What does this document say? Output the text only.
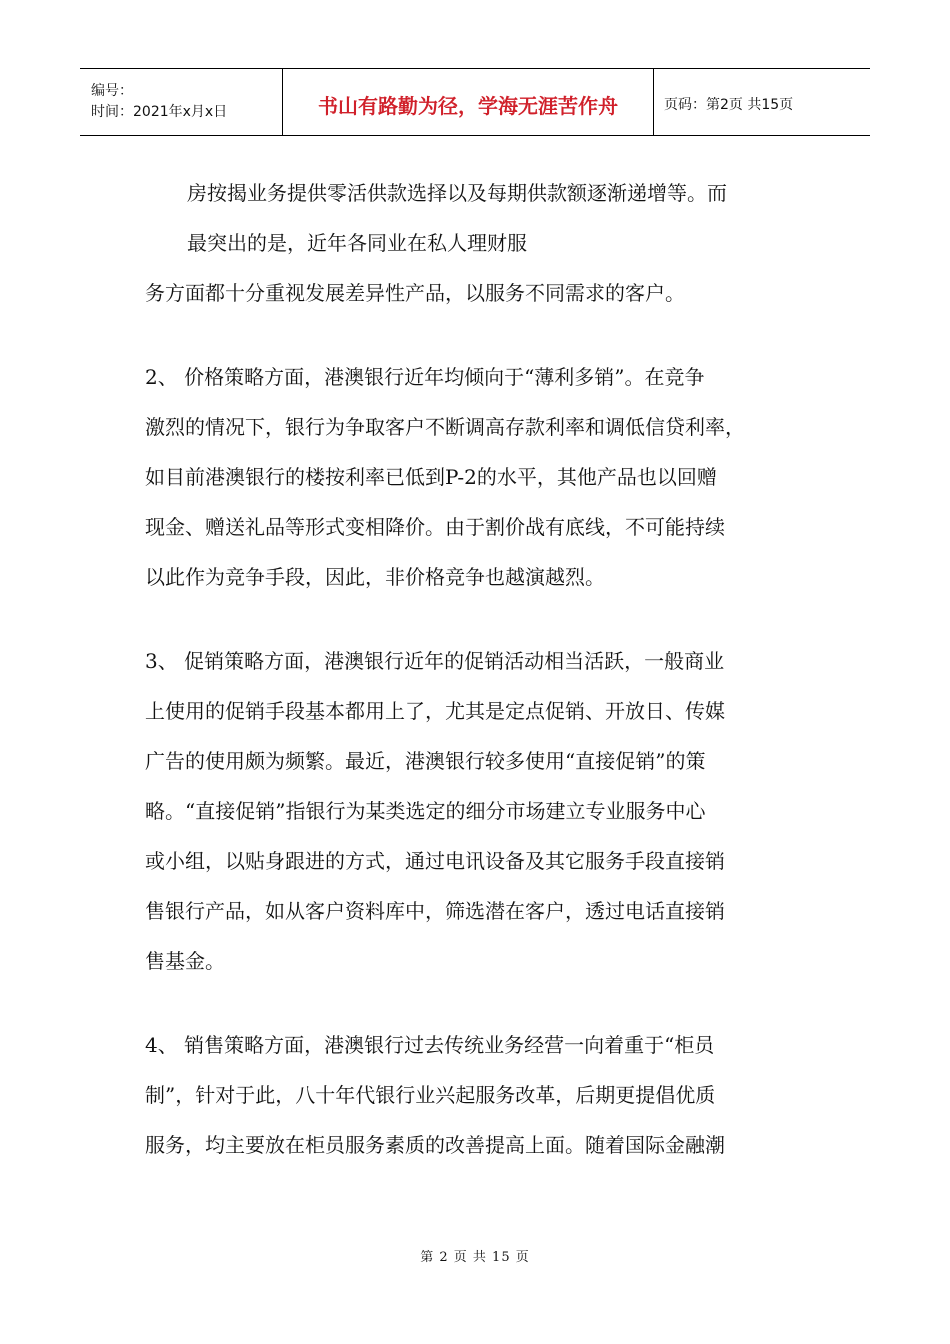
编号：
时间：2021年x月x日	书山有路勤为径，学海无涯苦作舟	页码：第2页 共15页
房按揭业务提供零活供款选择以及每期供款额逐渐递增等。而
最突出的是，近年各同业在私人理财服
务方面都十分重视发展差异性产品，以服务不同需求的客户。
2、 价格策略方面，港澳银行近年均倾向于“薄利多销”。在竞争
激烈的情况下，银行为争取客户不断调高存款利率和调低信贷利率，
如目前港澳银行的楼按利率已低到P-2的水平，其他产品也以回赠
现金、赠送礼品等形式变相降价。由于割价战有底线，不可能持续
以此作为竞争手段，因此，非价格竞争也越演越烈。
3、 促销策略方面，港澳银行近年的促销活动相当活跃，一般商业
上使用的促销手段基本都用上了，尤其是定点促销、开放日、传媒
广告的使用颇为频繁。最近，港澳银行较多使用“直接促销”的策
略。“直接促销”指银行为某类选定的细分市场建立专业服务中心
或小组，以贴身跟进的方式，通过电讯设备及其它服务手段直接销
售银行产品，如从客户资料库中，筛选潜在客户，透过电话直接销
售基金。
4、 销售策略方面，港澳银行过去传统业务经营一向着重于“柜员
制”，针对于此，八十年代银行业兴起服务改革，后期更提倡优质
服务，均主要放在柜员服务素质的改善提高上面。随着国际金融潮
第 2 页 共 15 页
